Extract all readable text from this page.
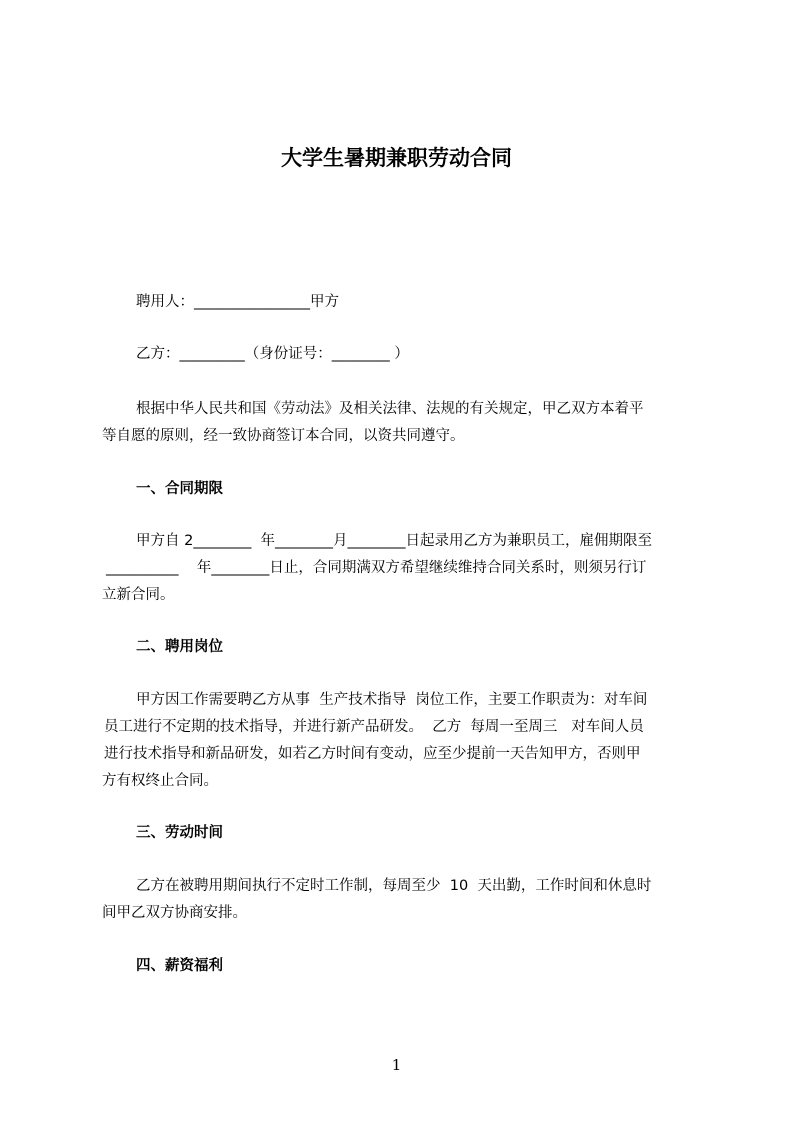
大学生暑期兼职劳动合同

聘用人：________________甲方

乙方：_________（身份证号：________ ）

根据中华人民共和国《劳动法》及相关法律、法规的有关规定，甲乙双方本着平

等自愿的原则，经一致协商签订本合同，以资共同遵守。

一、合同期限

甲方自 2________  年________月________日起录用乙方为兼职员工，雇佣期限至

__________    年________日止，合同期满双方希望继续维持合同关系时，则须另行订

立新合同。

二、聘用岗位

甲方因工作需要聘乙方从事  生产技术指导  岗位工作，主要工作职责为：对车间

员工进行不定期的技术指导，并进行新产品研发。  乙方  每周一至周三   对车间人员

进行技术指导和新品研发，如若乙方时间有变动，应至少提前一天告知甲方，否则甲

方有权终止合同。

三、劳动时间

乙方在被聘用期间执行不定时工作制，每周至少  10  天出勤，工作时间和休息时

间甲乙双方协商安排。

四、薪资福利
1
